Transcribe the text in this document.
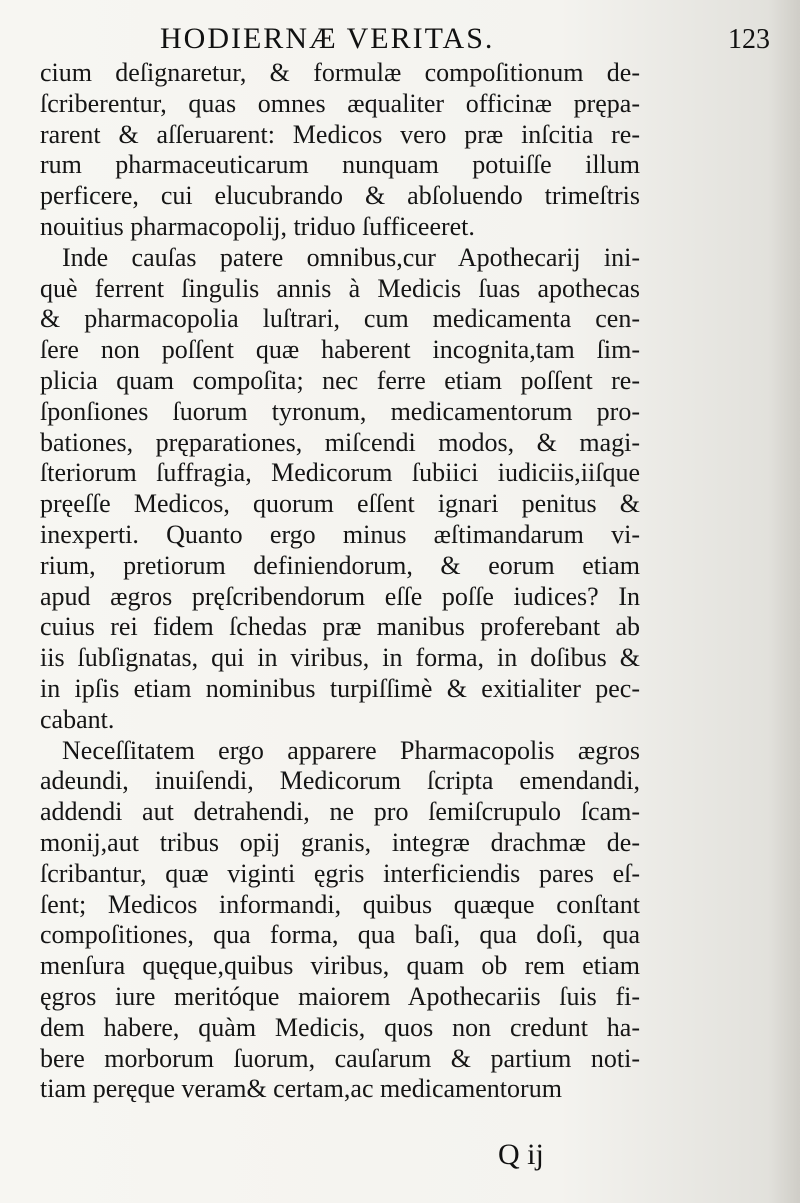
HODIERNÆ VERITAS.	123
cium deſignaretur, & formulæ compoſitionum de-
ſcriberentur, quas omnes æqualiter officinæ prępa-
rarent & aſſeruarent: Medicos vero præ inſcitia re-
rum pharmaceuticarum nunquam potuiſſe illum
perficere, cui elucubrando & abſoluendo trimeſtris
nouitius pharmacopolij, triduo ſufficeeret.
Inde cauſas patere omnibus,cur Apothecarij ini-
què ferrent ſingulis annis à Medicis ſuas apothecas
& pharmacopolia luſtrari, cum medicamenta cen-
ſere non poſſent quæ haberent incognita,tam ſim-
plicia quam compoſita; nec ferre etiam poſſent re-
ſponſiones ſuorum tyronum, medicamentorum pro-
bationes, pręparationes, miſcendi modos, & magi-
ſteriorum ſuffragia, Medicorum ſubiici iudiciis,iiſque
pręeſſe Medicos, quorum eſſent ignari penitus &
inexperti. Quanto ergo minus æſtimandarum vi-
rium, pretiorum definiendorum, & eorum etiam
apud ægros pręſcribendorum eſſe poſſe iudices? In
cuius rei fidem ſchedas præ manibus proferebant ab
iis ſubſignatas, qui in viribus, in forma, in doſibus &
in ipſis etiam nominibus turpiſſimè & exitialiter pec-
cabant.
Neceſſitatem ergo apparere Pharmacopolis ægros
adeundi, inuiſendi, Medicorum ſcripta emendandi,
addendi aut detrahendi, ne pro ſemiſcrupulo ſcam-
monij,aut tribus opij granis, integræ drachmæ de-
ſcribantur, quæ viginti ęgris interficiendis pares eſ-
ſent; Medicos informandi, quibus quæque conſtant
compoſitiones, qua forma, qua baſi, qua doſi, qua
menſura quęque,quibus viribus, quam ob rem etiam
ęgros iure meritóque maiorem Apothecariis ſuis fi-
dem habere, quàm Medicis, quos non credunt ha-
bere morborum ſuorum, cauſarum & partium noti-
tiam peręque veram& certam,ac medicamentorum
Q ij
